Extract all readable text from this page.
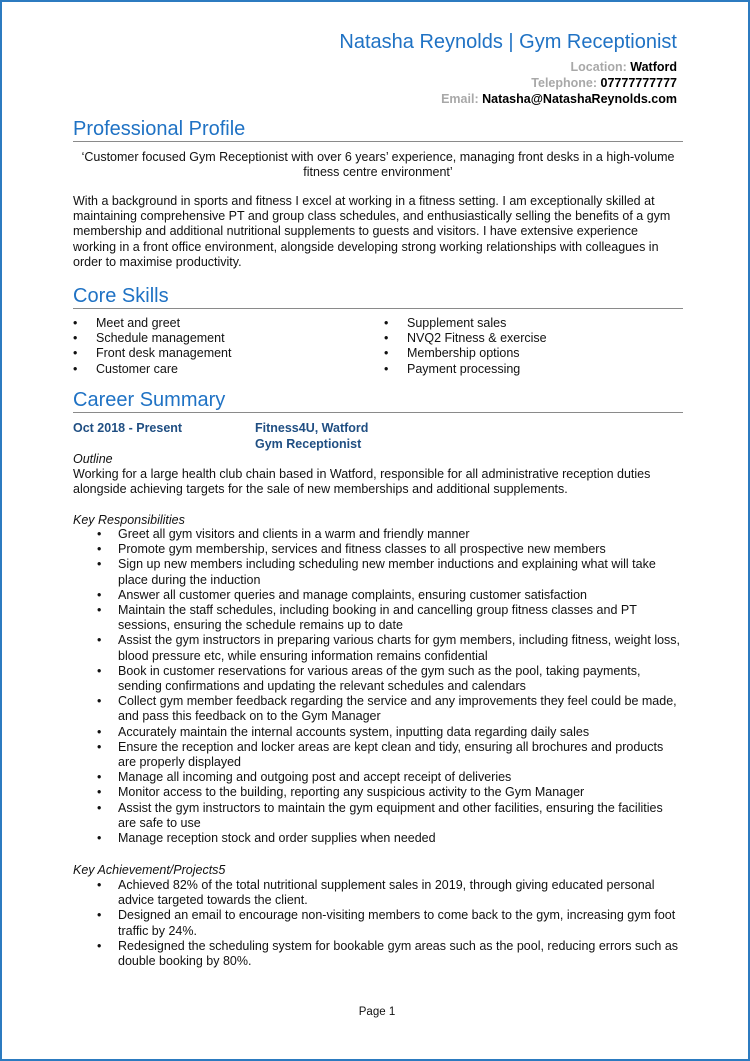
Natasha Reynolds | Gym Receptionist
Location: Watford
Telephone: 07777777777
Email: Natasha@NatashaReynolds.com
Professional Profile
‘Customer focused Gym Receptionist with over 6 years’ experience, managing front desks in a high-volume fitness centre environment’
With a background in sports and fitness I excel at working in a fitness setting. I am exceptionally skilled at maintaining comprehensive PT and group class schedules, and enthusiastically selling the benefits of a gym membership and additional nutritional supplements to guests and visitors. I have extensive experience working in a front office environment, alongside developing strong working relationships with colleagues in order to maximise productivity.
Core Skills
• Meet and greet
• Schedule management
• Front desk management
• Customer care
• Supplement sales
• NVQ2 Fitness & exercise
• Membership options
• Payment processing
Career Summary
Oct 2018 - Present	Fitness4U, Watford
Gym Receptionist
Outline
Working for a large health club chain based in Watford, responsible for all administrative reception duties alongside achieving targets for the sale of new memberships and additional supplements.
Key Responsibilities
• Greet all gym visitors and clients in a warm and friendly manner
• Promote gym membership, services and fitness classes to all prospective new members
• Sign up new members including scheduling new member inductions and explaining what will take place during the induction
• Answer all customer queries and manage complaints, ensuring customer satisfaction
• Maintain the staff schedules, including booking in and cancelling group fitness classes and PT sessions, ensuring the schedule remains up to date
• Assist the gym instructors in preparing various charts for gym members, including fitness, weight loss, blood pressure etc, while ensuring information remains confidential
• Book in customer reservations for various areas of the gym such as the pool, taking payments, sending confirmations and updating the relevant schedules and calendars
• Collect gym member feedback regarding the service and any improvements they feel could be made, and pass this feedback on to the Gym Manager
• Accurately maintain the internal accounts system, inputting data regarding daily sales
• Ensure the reception and locker areas are kept clean and tidy, ensuring all brochures and products are properly displayed
• Manage all incoming and outgoing post and accept receipt of deliveries
• Monitor access to the building, reporting any suspicious activity to the Gym Manager
• Assist the gym instructors to maintain the gym equipment and other facilities, ensuring the facilities are safe to use
• Manage reception stock and order supplies when needed
Key Achievement/Projects5
• Achieved 82% of the total nutritional supplement sales in 2019, through giving educated personal advice targeted towards the client.
• Designed an email to encourage non-visiting members to come back to the gym, increasing gym foot traffic by 24%.
• Redesigned the scheduling system for bookable gym areas such as the pool, reducing errors such as double booking by 80%.
Page 1
